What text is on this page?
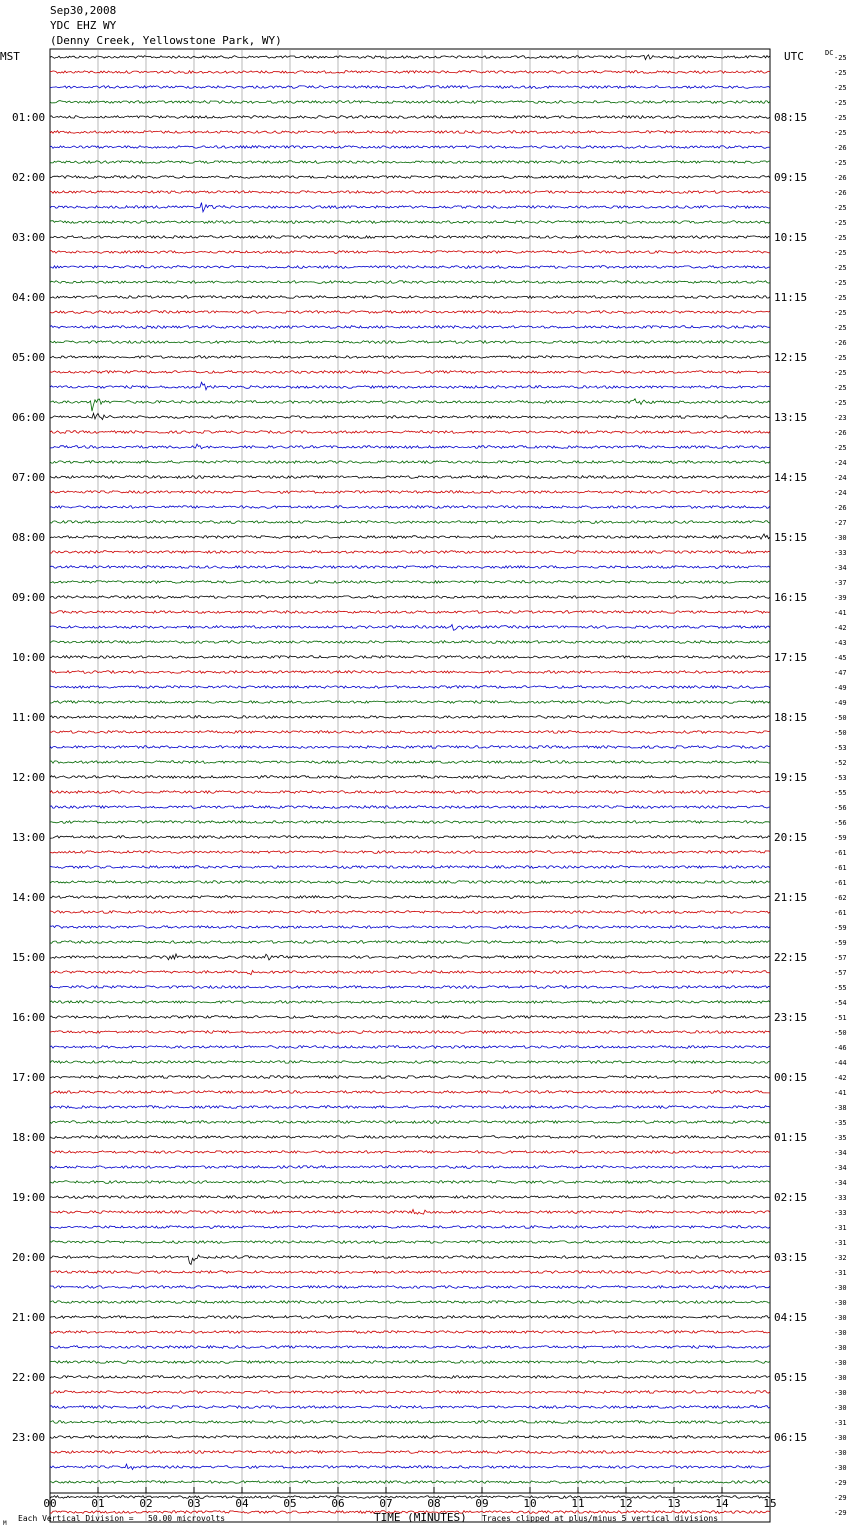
Sep30,2008
YDC EHZ WY
(Denny Creek, Yellowstone Park, WY)
MST	UTC	DC
-25
-25
-25
-25
-25
-25
-26
-25
-26
-26
-25
-25
-25
-25
-25
-25
-25
-25
-25
-26
-25
-25
-25
-25
-23
-26
-25
-24
-24
-24
-26
-27
-30
-33
-34
-37
-39
-41
-42
-43
-45
-47
-49
-49
-50
-50
-53
-52
-53
-55
-56
-56
-59
-61
-61
-61
-62
-61
-59
-59
-57
-57
-55
-54
-51
-50
-46
-44
-42
-41
-38
-35
-35
-34
-34
-34
-33
-33
-31
-31
-32
-31
-30
-30
-30
-30
-30
-30
-30
-30
-30
-31
-30
-30
-30
-29
-29
-29
01:00
02:00
03:00
04:00
05:00
06:00
07:00
08:00
09:00
10:00
11:00
12:00
13:00
14:00
15:00
16:00
17:00
18:00
19:00
20:00
21:00
22:00
23:00
08:15
09:15
10:15
11:15
12:15
13:15
14:15
15:15
16:15
17:15
18:15
19:15
20:15
21:15
22:15
23:15
00:15
01:15
02:15
03:15
04:15
05:15
06:15
00	01	02	03	04	05	06	07	08	09	10	11	12	13	14	15
Each Vertical Division =   50.00 microvolts	TIME (MINUTES) Traces clipped at plus/minus 5 vertical divisions
M
